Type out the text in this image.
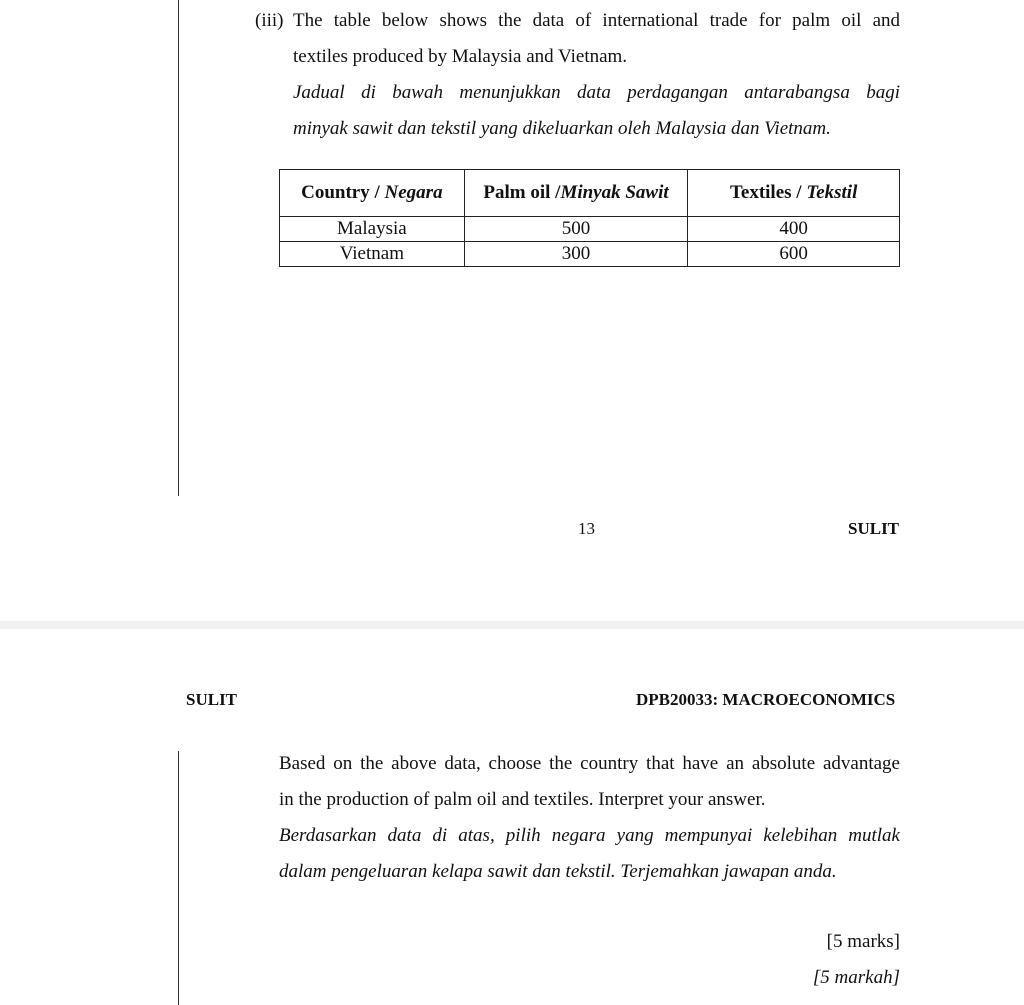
(iii) The table below shows the data of international trade for palm oil and
textiles produced by Malaysia and Vietnam.
Jadual di bawah menunjukkan data perdagangan antarabangsa bagi
minyak sawit dan tekstil yang dikeluarkan oleh Malaysia dan Vietnam.
Country / Negara	Palm oil /Minyak Sawit	Textiles / Tekstil
Malaysia	500	400
Vietnam	300	600
13	SULIT
SULIT	DPB20033: MACROECONOMICS
Based on the above data, choose the country that have an absolute advantage
in the production of palm oil and textiles. Interpret your answer.
Berdasarkan data di atas, pilih negara yang mempunyai kelebihan mutlak
dalam pengeluaran kelapa sawit dan tekstil. Terjemahkan jawapan anda.
[5 marks]
[5 markah]
